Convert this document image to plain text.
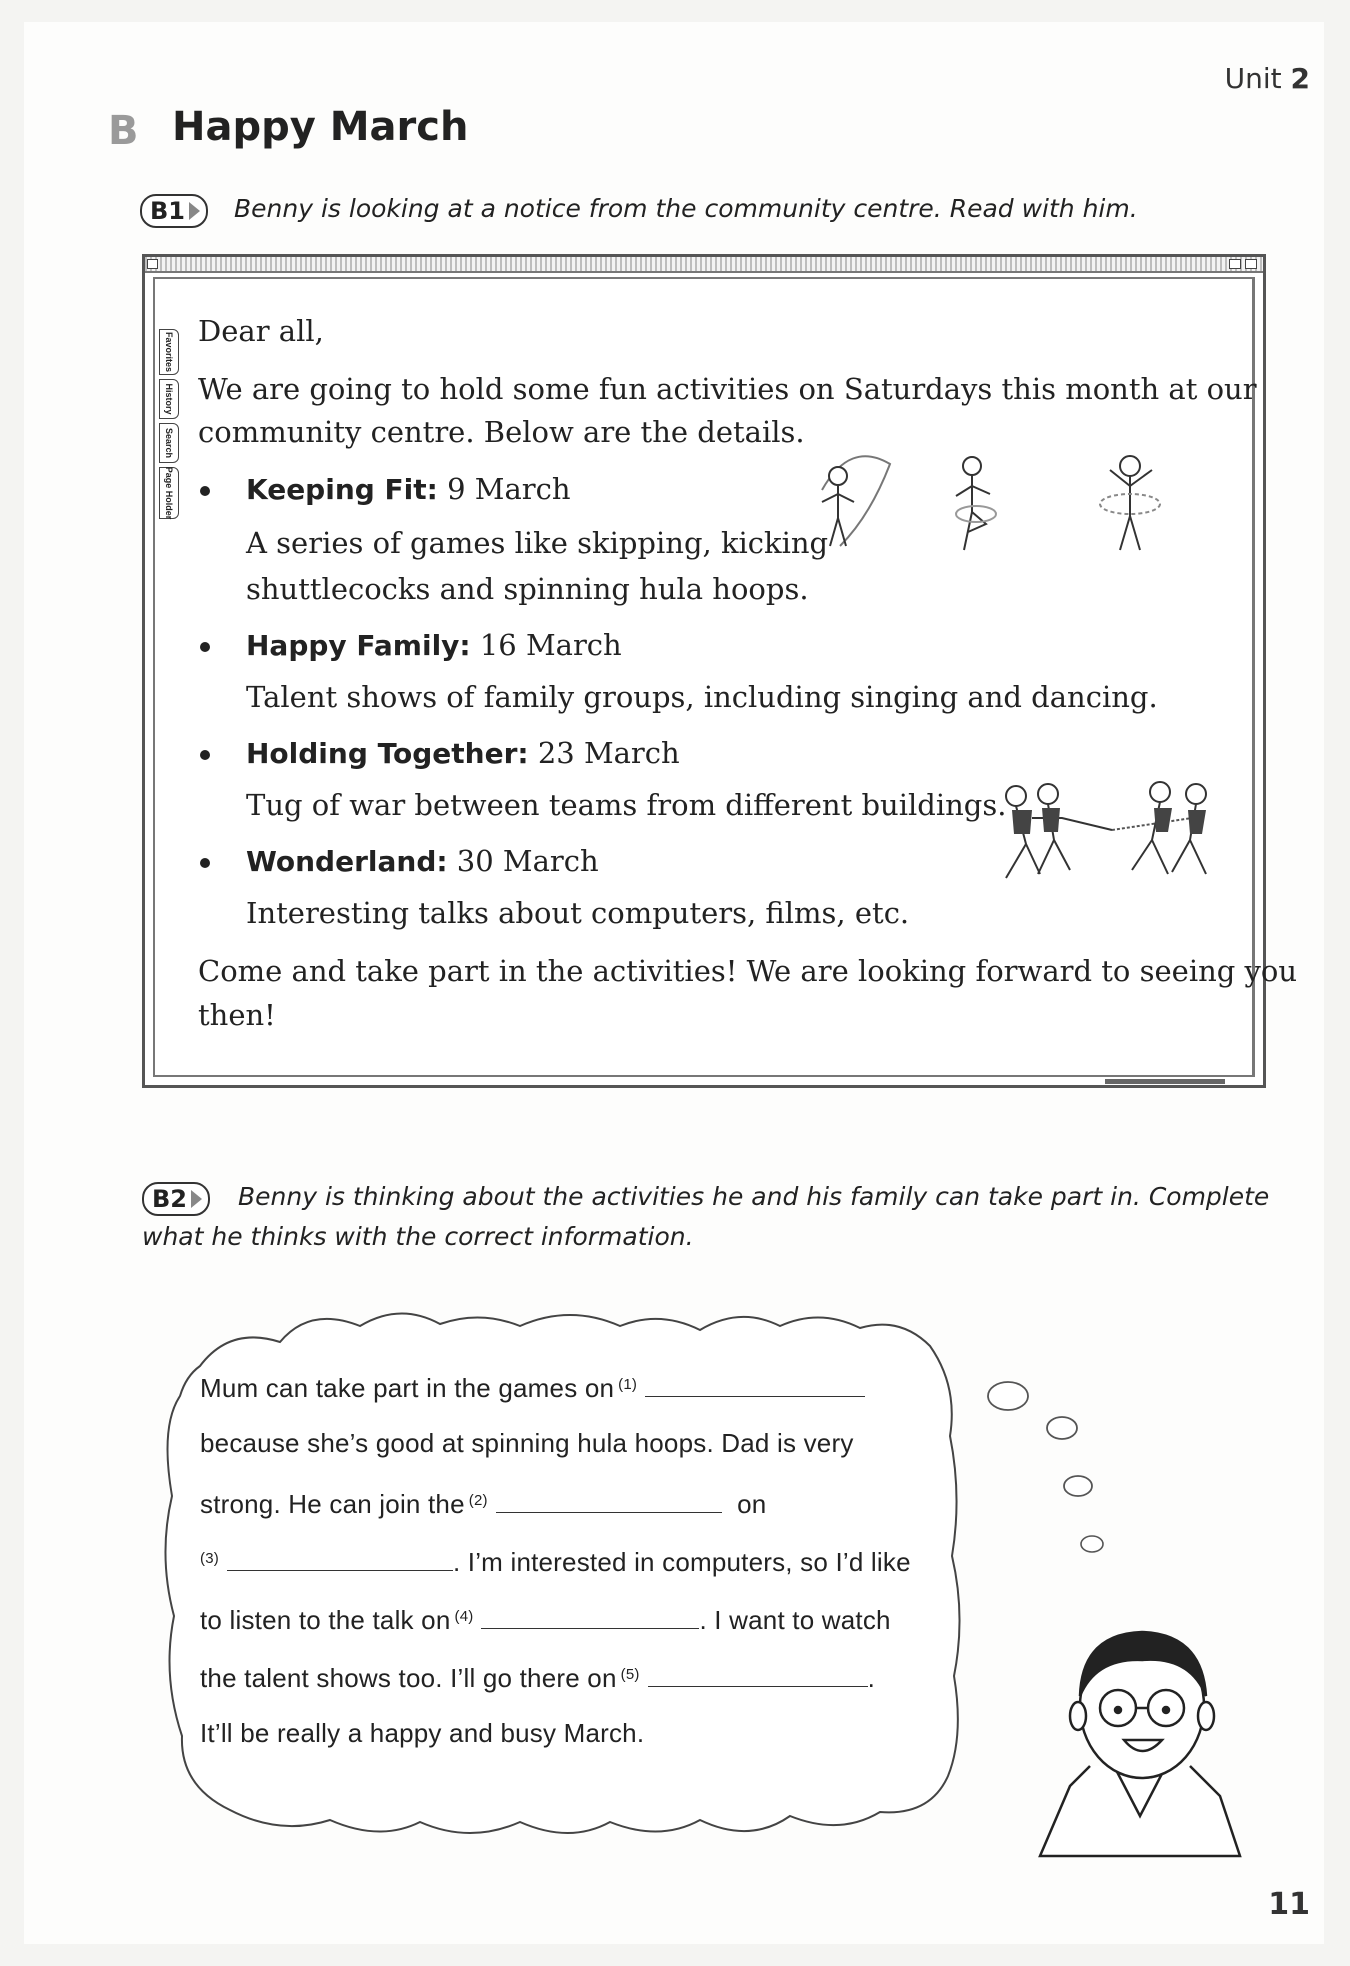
Unit 2
B Happy March
B1 Benny is looking at a notice from the community centre. Read with him.
Favorites
History
Search
Page Holder
Dear all,
We are going to hold some fun activities on Saturdays this month at our
community centre. Below are the details.
Keeping Fit: 9 March
A series of games like skipping, kicking
shuttlecocks and spinning hula hoops.
Happy Family: 16 March
Talent shows of family groups, including singing and dancing.
Holding Together: 23 March
Tug of war between teams from different buildings.
Wonderland: 30 March
Interesting talks about computers, films, etc.
Come and take part in the activities! We are looking forward to seeing you
then!
B2 Benny is thinking about the activities he and his family can take part in. Complete
what he thinks with the correct information.
Mum can take part in the games on $^{(1)}$
because she’s good at spinning hula hoops. Dad is very
strong. He can join the $^{(2)}$	on
$^{(3)}$	. I’m interested in computers, so I’d like
to listen to the talk on $^{(4)}$	. I want to watch
the talent shows too. I’ll go there on $^{(5)}$	.
It’ll be really a happy and busy March.
11
